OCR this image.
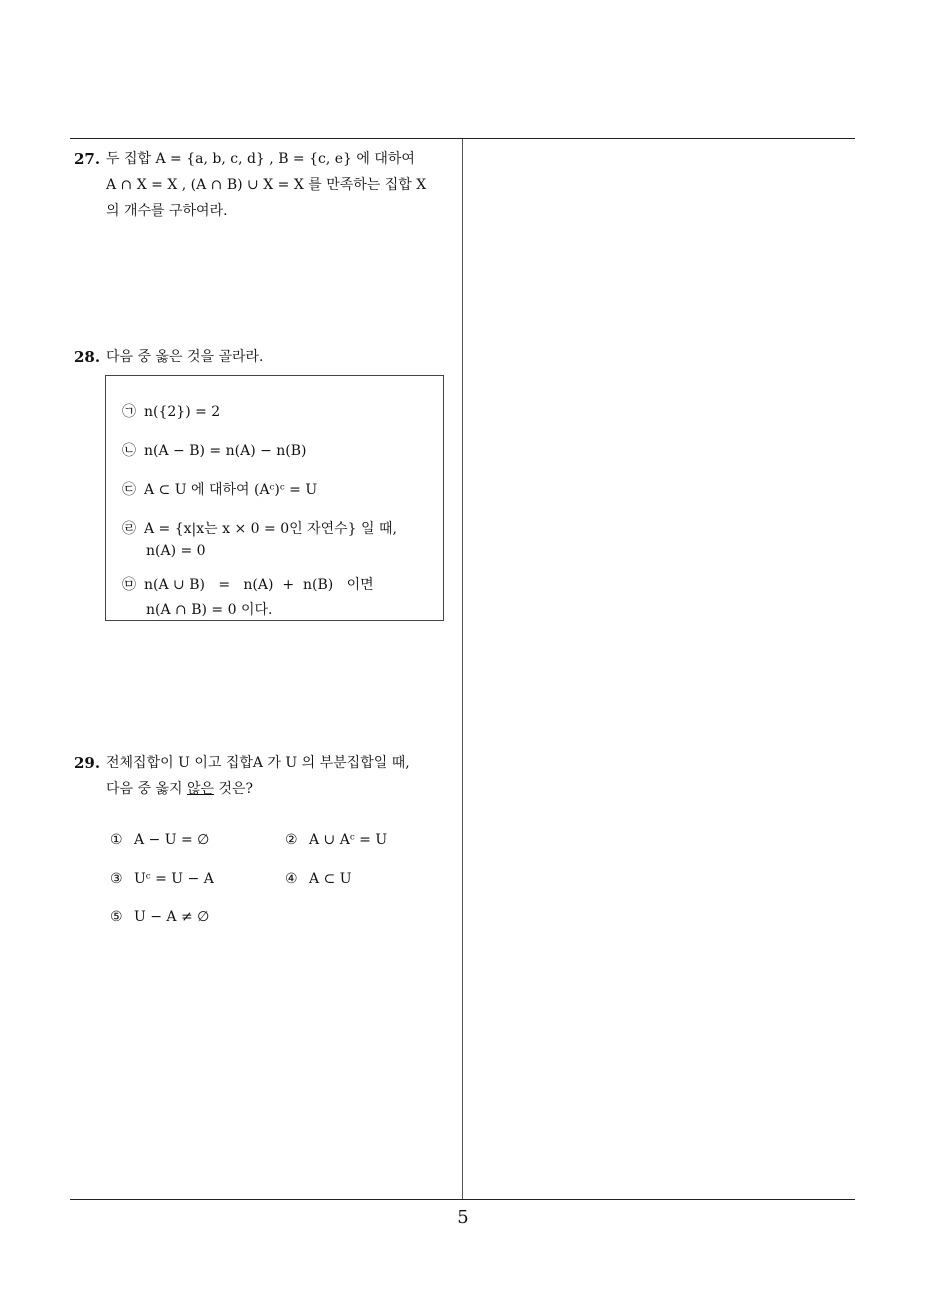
5
27. 두 집합 A = {a, b, c, d} , B = {c, e} 에 대하여
A ∩ X = X , (A ∩ B) ∪ X = X 를 만족하는 집합 X
의 개수를 구하여라.
28. 다음 중 옳은 것을 골라라.
㉠ n({2}) = 2
㉡ n(A − B) = n(A) − n(B)
㉢ A ⊂ U 에 대하여 (Aᶜ)ᶜ = U
㉣ A = {x|x는 x × 0 = 0인 자연수} 일 때,
n(A) = 0
㉤ n(A ∪ B)   =   n(A)  +  n(B)   이면
n(A ∩ B) = 0 이다.
29. 전체집합이 U 이고 집합A 가 U 의 부분집합일 때,
다음 중 옳지 않은 것은?
① A − U = ∅	② A ∪ Aᶜ = U
③ Uᶜ = U − A	④ A ⊂ U
⑤ U − A ≠ ∅
